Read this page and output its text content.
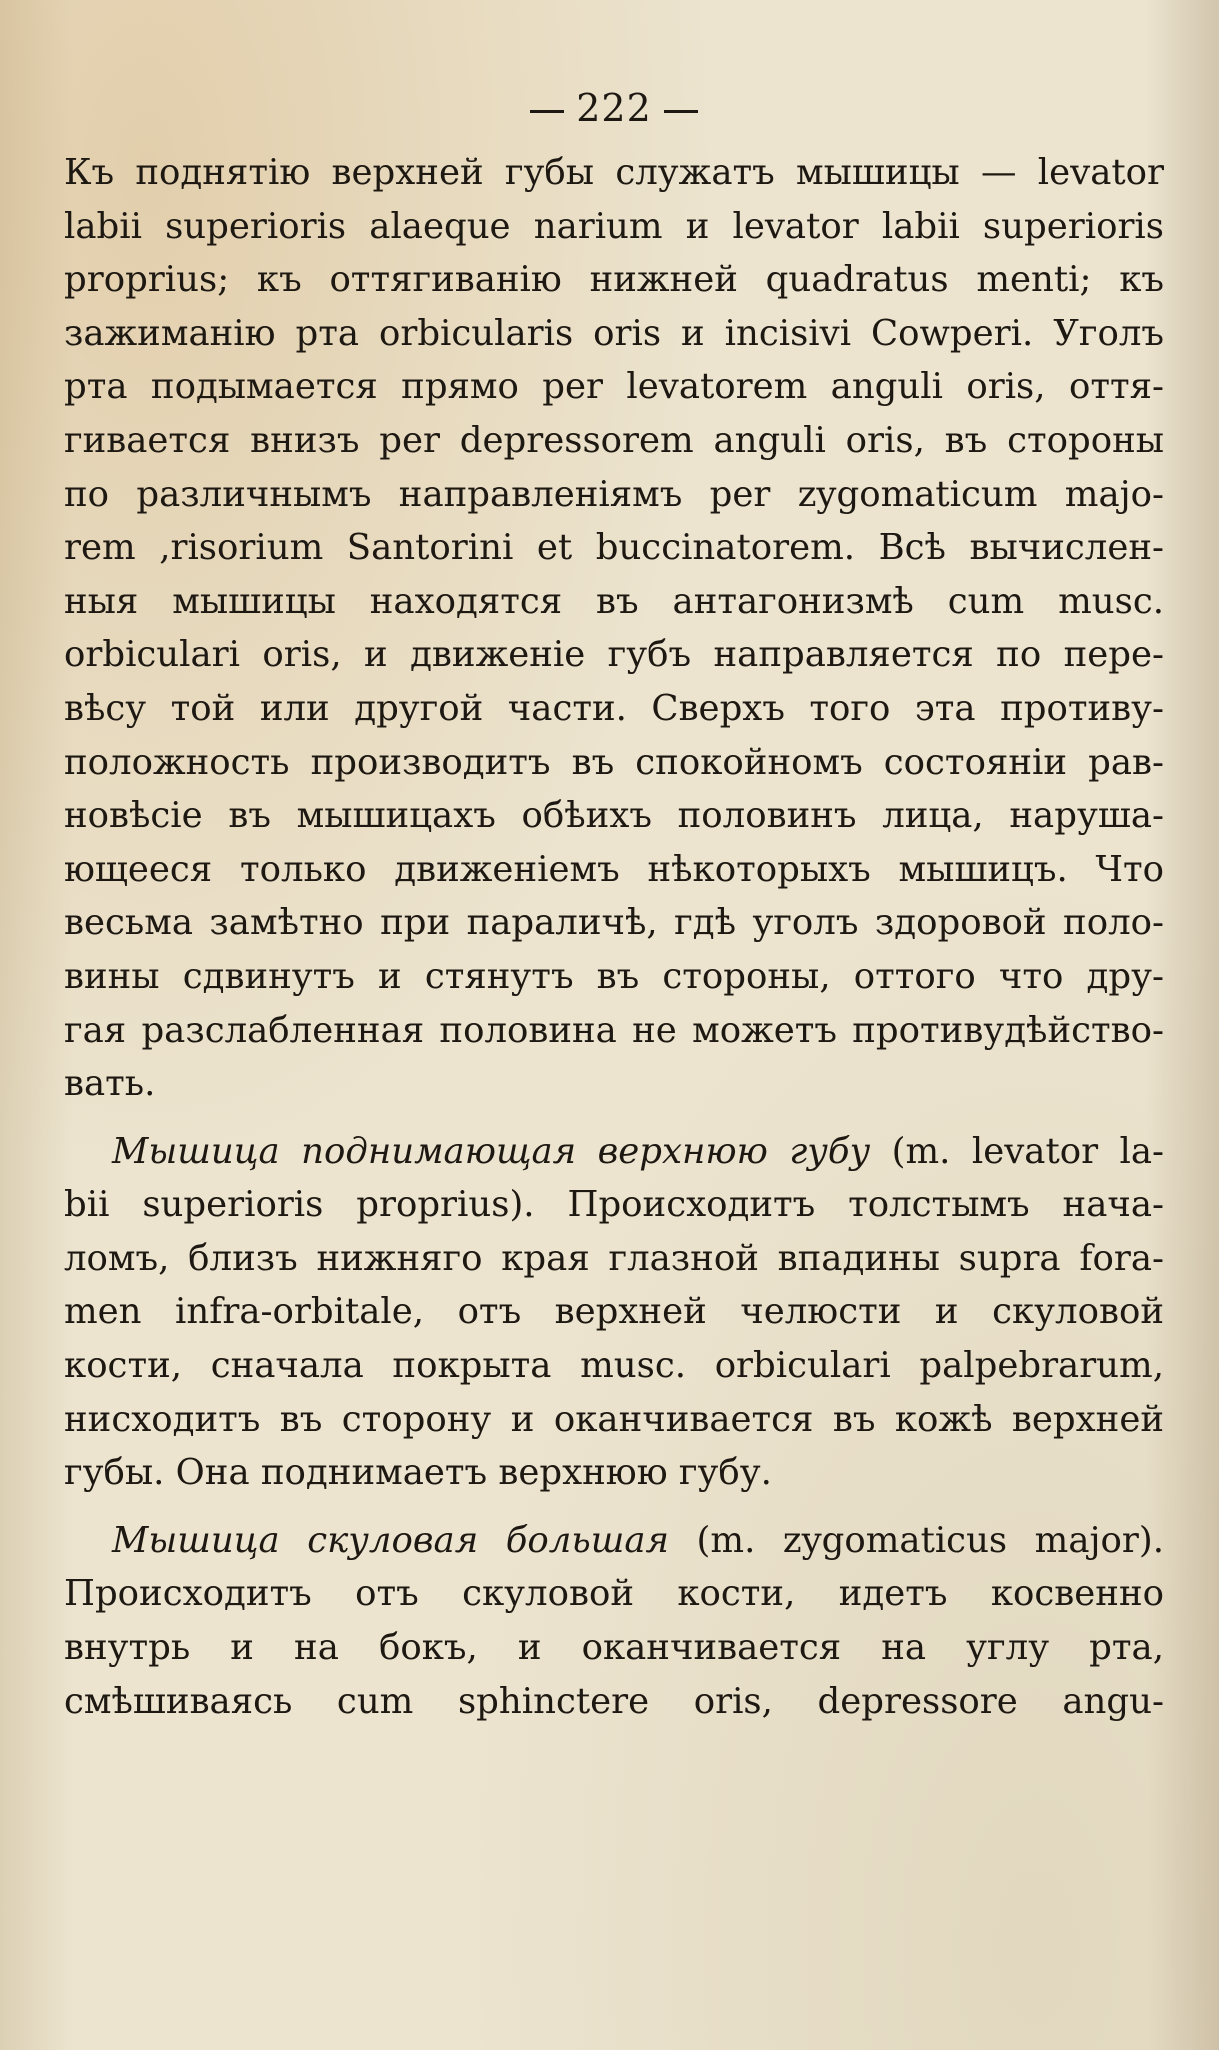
222
Къ поднятію верхней губы служатъ мышицы — levator
labii superioris alaeque narium и levator labii superioris
proprius; къ оттягиванію нижней quadratus menti; къ
зажиманію рта orbicularis oris и incisivi Cowperi. Уголъ
рта подымается прямо per levatorem anguli oris, оття-
гивается внизъ per depressorem anguli oris, въ стороны
по различнымъ направленіямъ per zygomaticum majo-
rem ,risorium Santorini et buccinatorem. Всѣ вычислен-
ныя мышицы находятся въ антагонизмѣ cum musc.
orbiculari oris, и движеніе губъ направляется по пере-
вѣсу той или другой части. Сверхъ того эта противу-
положность производитъ въ спокойномъ состояніи рав-
новѣсіе въ мышицахъ обѣихъ половинъ лица, наруша-
ющееся только движеніемъ нѣкоторыхъ мышицъ. Что
весьма замѣтно при параличѣ, гдѣ уголъ здоровой поло-
вины сдвинутъ и стянутъ въ стороны, оттого что дру-
гая разслабленная половина не можетъ противудѣйство-
вать.
Мышица поднимающая верхнюю губу (m. levator la-
bii superioris proprius). Происходитъ толстымъ нача-
ломъ, близъ нижняго края глазной впадины supra fora-
men infra-orbitale, отъ верхней челюсти и скуловой
кости, сначала покрыта musc. orbiculari palpebrarum,
нисходитъ въ сторону и оканчивается въ кожѣ верхней
губы. Она поднимаетъ верхнюю губу.
Мышица скуловая большая (m. zygomaticus major).
Происходитъ отъ скуловой кости, идетъ косвенно
внутрь и на бокъ, и оканчивается на углу рта,
смѣшиваясь cum sphinctere oris, depressore angu-
